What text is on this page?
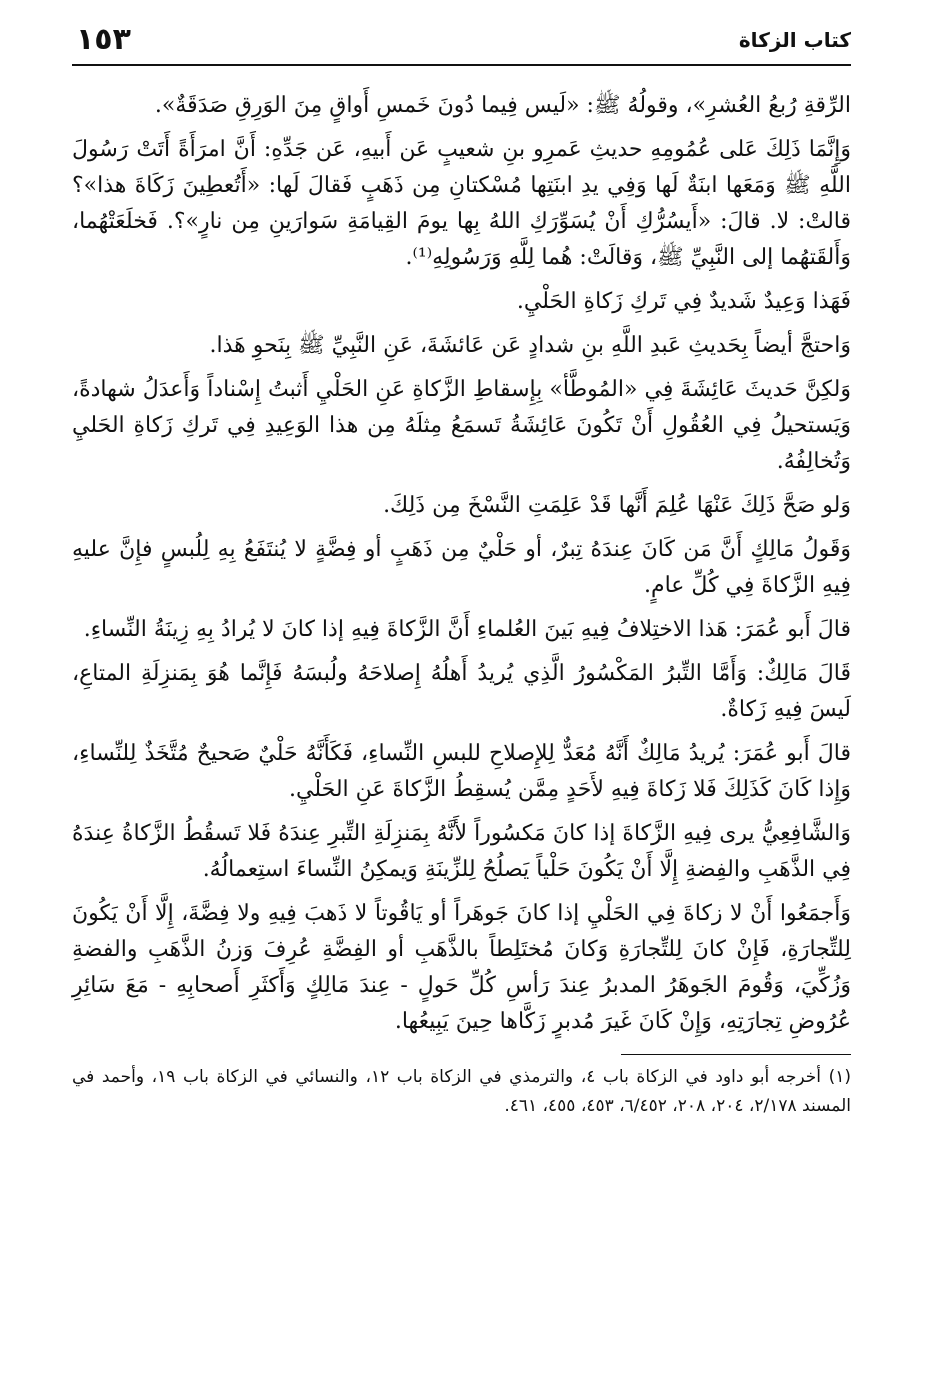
كتاب الزكاة
١٥٣

الرِّقةِ رُبعُ العُشرِ»، وقولُهُ ﷺ: «لَيس فِيما دُونَ خَمسِ أَواقٍ مِنَ الوَرِقِ صَدَقَةٌ».

وَإِنَّمَا ذَلِكَ عَلى عُمُومِهِ حديثِ عَمرِو بنِ شعيبٍ عَن أَبيهِ، عَن جَدِّهِ: أَنَّ امرَأَةً أَتَتْ رَسُولَ اللَّهِ ﷺ وَمَعَها ابنَةٌ لَها وَفِي يدِ ابنَتِها مُسْكتانِ مِن ذَهَبٍ فَقالَ لَها: «أَتُعطِينَ زَكَاةَ هذا»؟ قالتْ: لا. قالَ: «أَيسُرُّكِ أَنْ يُسَوِّرَكِ اللهُ بِها يومَ القِيامَةِ سَوارَينِ مِن نارٍ»؟. فَخلَعَتْهُما، وَأَلقَتهُما إلى النَّبِيِّ ﷺ، وَقالَتْ: هُما لِلَّهِ وَرَسُولِهِ⁽¹⁾.

فَهَذا وَعِيدٌ شَديدٌ فِي تَركِ زَكاةِ الحَلْيِ.

وَاحتجَّ أيضاً بِحَديثِ عَبدِ اللَّهِ بنِ شدادٍ عَن عَائشَةَ، عَنِ النَّبِيِّ ﷺ بِنَحوِ هَذا.

وَلكِنَّ حَديثَ عَائِشَةَ فِي «المُوطَّأ» بِإِسقاطِ الزَّكاةِ عَنِ الحَلْيِ أَثبتُ إِسْناداً وَأَعدَلُ شهادةً، وَيَستحيلُ فِي العُقُولِ أَنْ تَكُونَ عَائِشَةُ تَسمَعُ مِثلَهُ مِن هذا الوَعِيدِ فِي تَركِ زَكاةِ الحَليِ وَتُخالِفُهُ.

وَلو صَحَّ ذَلِكَ عَنْهَا عُلِمَ أَنَّها قَدْ عَلِمَتِ النَّسْخَ مِن ذَلِكَ.

وَقَولُ مَالِكٍ أَنَّ مَن كَانَ عِندَهُ تِبرٌ، أو حَلْيٌ مِن ذَهَبٍ أو فِضَّةٍ لا يُنتَفَعُ بِهِ لِلُبسٍ فإِنَّ عليهِ فِيهِ الزَّكاةَ فِي كُلِّ عامٍ.

قالَ أَبو عُمَرَ: هَذا الاختِلافُ فِيهِ بَينَ العُلماءِ أَنَّ الزَّكاةَ فِيهِ إذا كانَ لا يُرادُ بِهِ زِينَةُ النِّساءِ.

قَالَ مَالِكٌ: وَأَمَّا التِّبرُ المَكْسُورُ الَّذِي يُريدُ أَهلُهُ إِصلاحَهُ ولُبسَهُ فَإِنَّما هُوَ بِمَنزِلَةِ المتاعِ، لَيسَ فِيهِ زَكاةٌ.

قالَ أَبو عُمَرَ: يُريدُ مَالِكٌ أَنَّهُ مُعَدٌّ لِلإِصلاحِ للبسِ النِّساءِ، فَكَأَنَّهُ حَلْيٌ صَحيحٌ مُتَّخَذٌ لِلنِّساءِ، وَإِذا كَانَ كَذَلِكَ فَلا زَكاةَ فِيهِ لأَحَدٍ مِمَّن يُسقِطُ الزَّكاةَ عَنِ الحَلْيِ.

وَالشَّافِعِيُّ يرى فِيهِ الزَّكاةَ إذا كانَ مَكسُوراً لأَنَّهُ بِمَنزِلَةِ التِّبرِ عِندَهُ فَلا تَسقُطُ الزَّكاةُ عِندَهُ فِي الذَّهَبِ والفِضةِ إِلَّا أَنْ يَكُونَ حَلْياً يَصلُحُ لِلزِّينَةِ وَيمكِنُ النِّساءَ استِعمالُهُ.

وَأَجمَعُوا أَنْ لا زكاةَ فِي الحَلْيِ إذا كانَ جَوهَراً أو يَاقُوتاً لا ذَهبَ فِيهِ ولا فِضَّةَ، إِلَّا أَنْ يَكُونَ لِلتِّجارَةِ، فَإِنْ كانَ لِلتِّجارَةِ وَكانَ مُختَلِطاً بالذَّهَبِ أو الفِضَّةِ عُرِفَ وَزنُ الذَّهَبِ والفضةِ وَزُكِّيَ، وَقُومَ الجَوهَرُ المدبرُ عِندَ رَأسِ كُلِّ حَولٍ - عِندَ مَالِكٍ وَأَكثَرِ أَصحابِهِ - مَعَ سَائِرِ عُرُوضِ تِجارَتِهِ، وَإِنْ كَانَ غَيرَ مُدبرٍ زَكَّاها حِينَ يَبِيعُها.

(١) أخرجه أبو داود في الزكاة باب ٤، والترمذي في الزكاة باب ١٢، والنسائي في الزكاة باب ١٩، وأحمد في المسند ٢/١٧٨، ٢٠٤، ٢٠٨، ٦/٤٥٢، ٤٥٣، ٤٥٥، ٤٦١.
